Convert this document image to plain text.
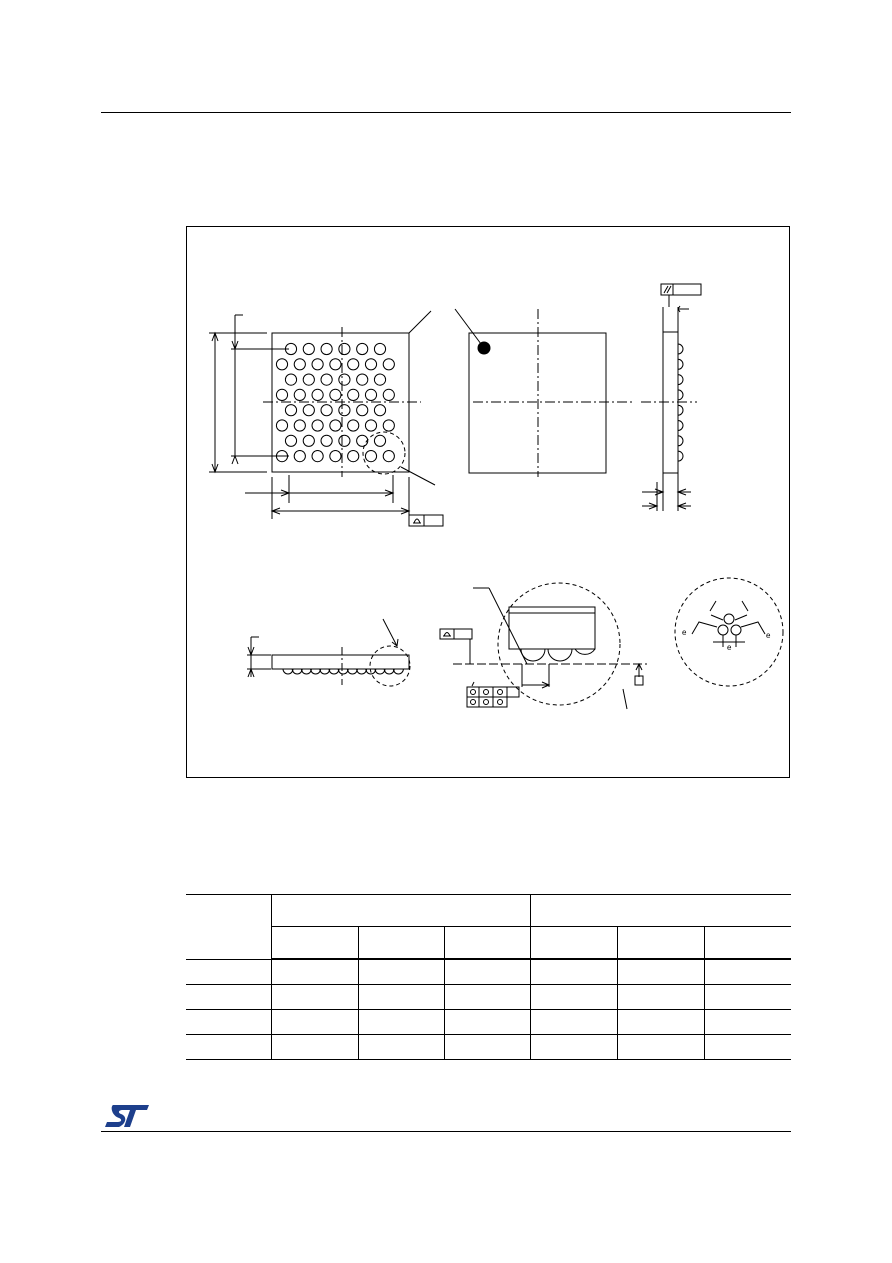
e	e
e
